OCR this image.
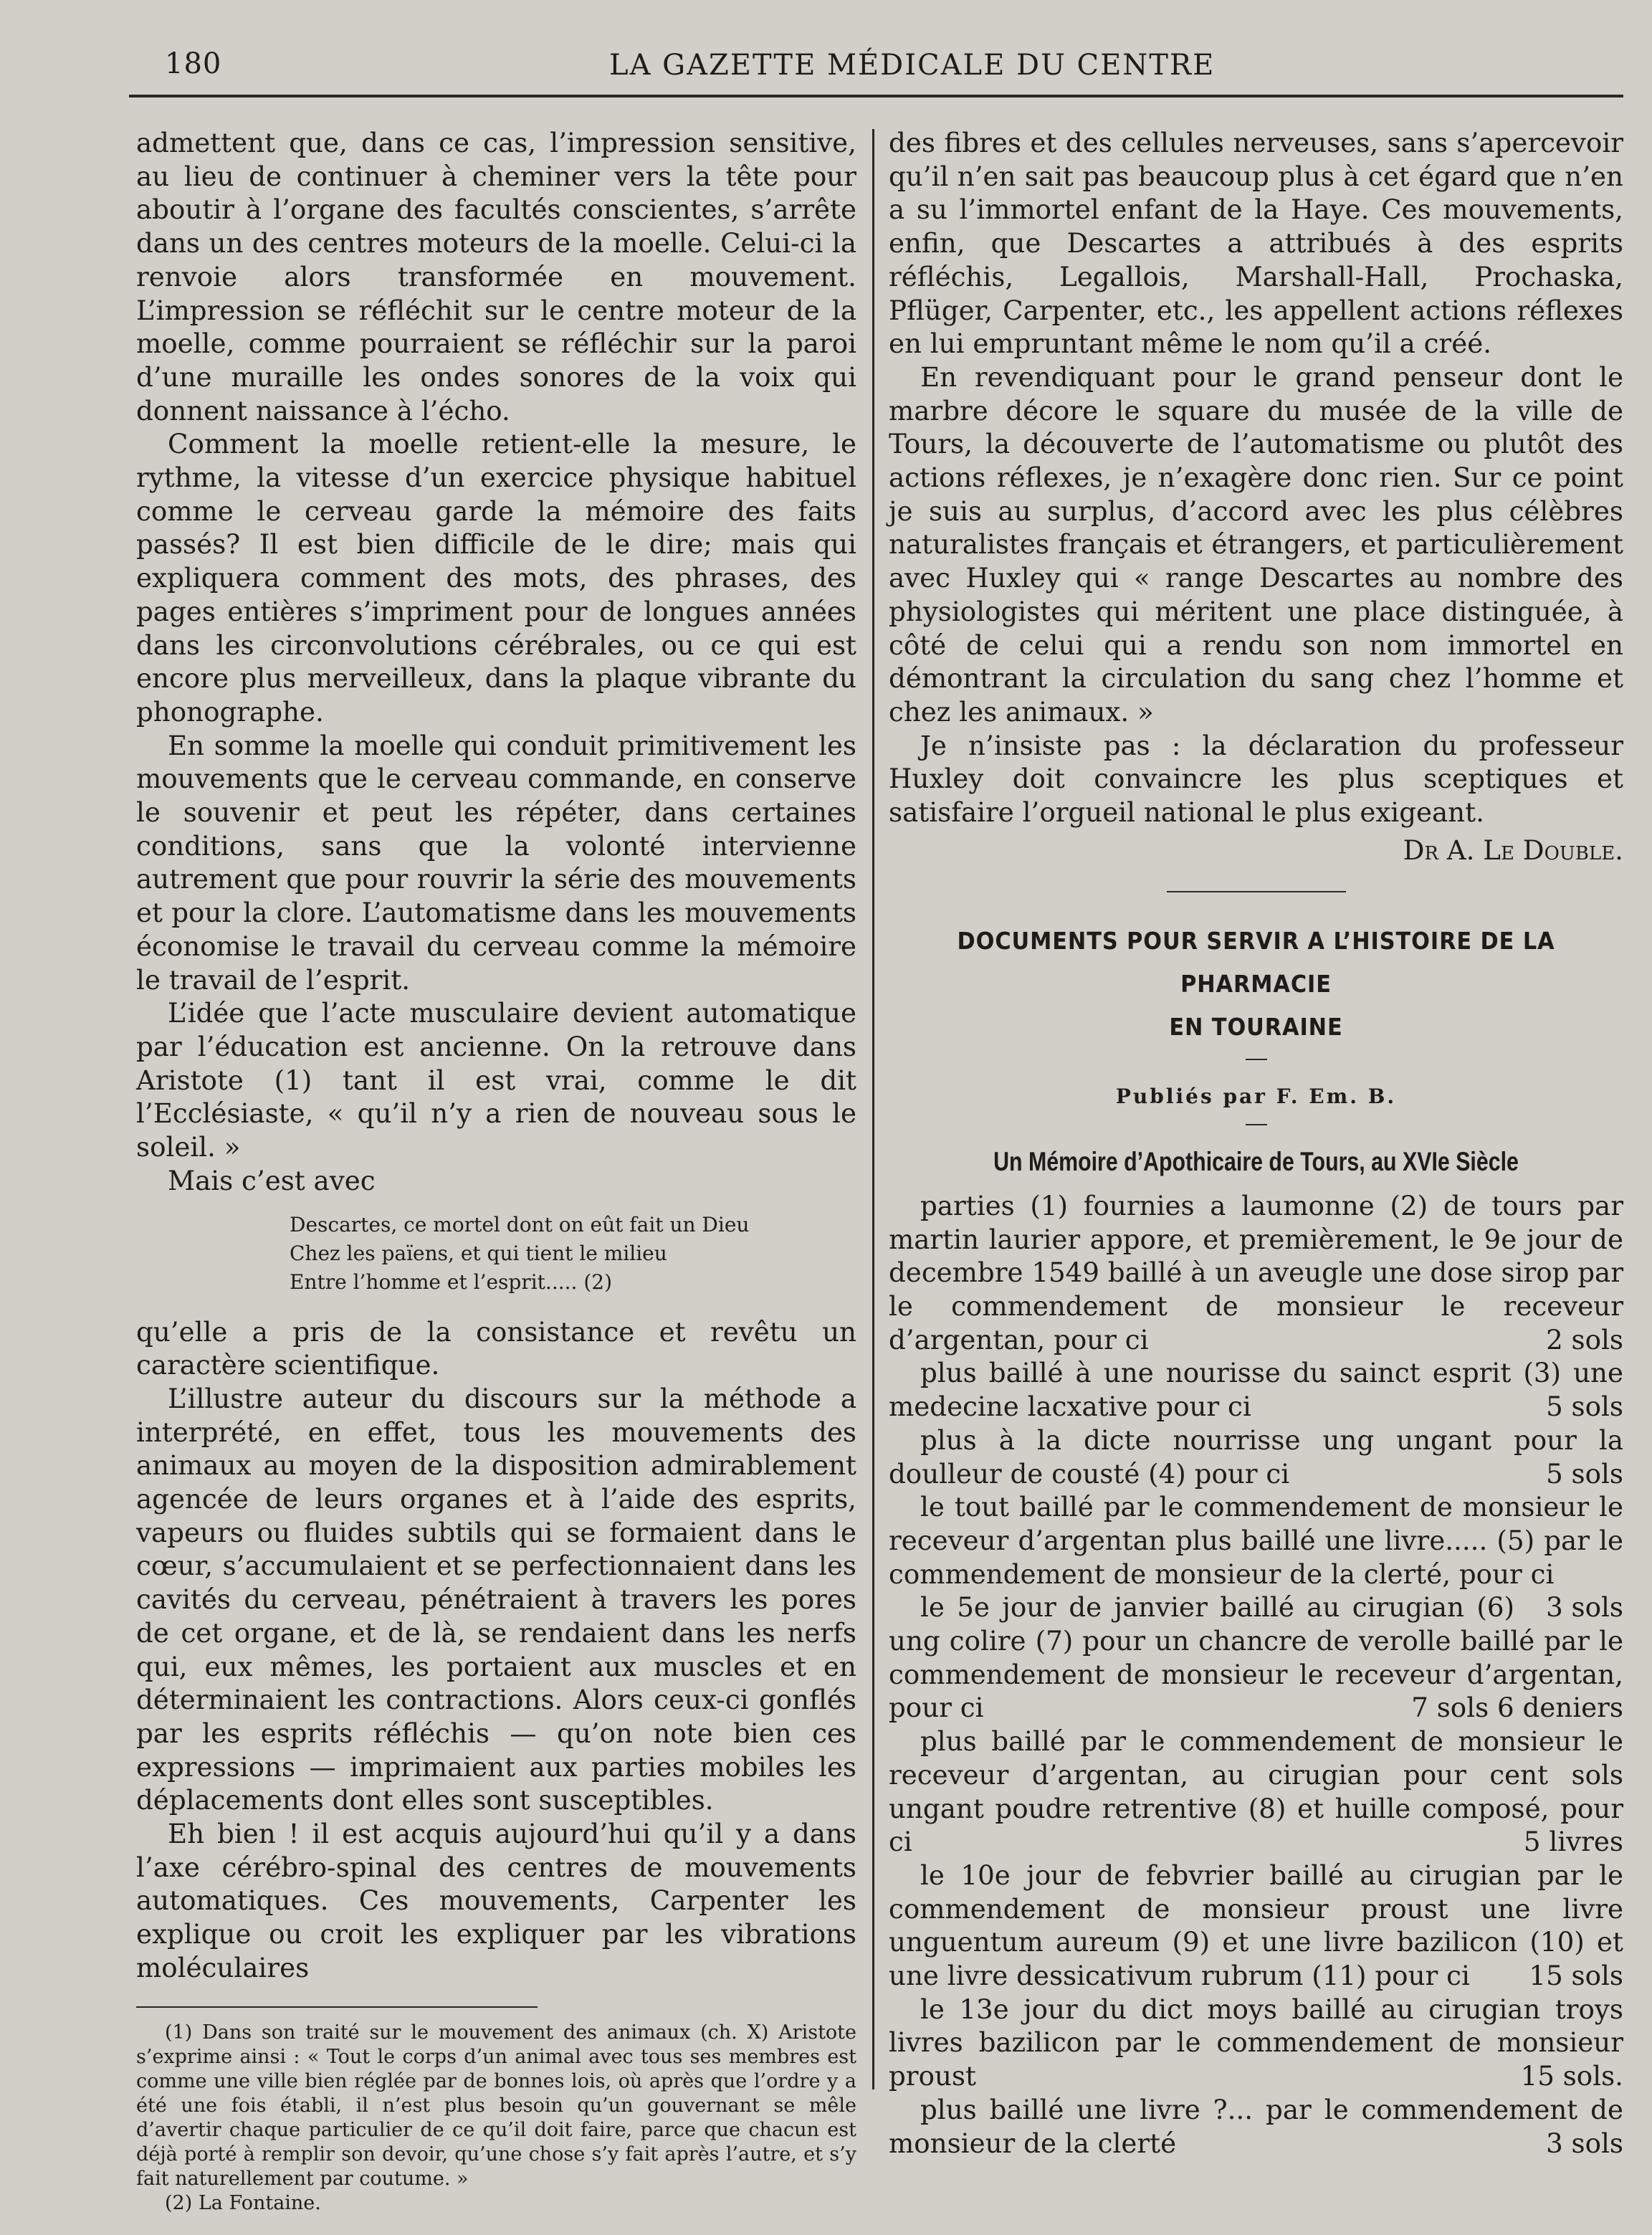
180	LA GAZETTE MÉDICALE DU CENTRE

admettent que, dans ce cas, l’impression sensitive, au lieu de continuer à cheminer vers la tête pour aboutir à l’organe des facultés conscientes, s’arrête dans un des centres moteurs de la moelle. Celui-ci la renvoie alors transformée en mouvement. L’impression se réfléchit sur le centre moteur de la moelle, comme pourraient se réfléchir sur la paroi d’une muraille les ondes sonores de la voix qui donnent naissance à l’écho.

Comment la moelle retient-elle la mesure, le rythme, la vitesse d’un exercice physique habituel comme le cerveau garde la mémoire des faits passés? Il est bien difficile de le dire; mais qui expliquera comment des mots, des phrases, des pages entières s’impriment pour de longues années dans les circonvolutions cérébrales, ou ce qui est encore plus merveilleux, dans la plaque vibrante du phonographe.

En somme la moelle qui conduit primitivement les mouvements que le cerveau commande, en conserve le souvenir et peut les répéter, dans certaines conditions, sans que la volonté intervienne autrement que pour rouvrir la série des mouvements et pour la clore. L’automatisme dans les mouvements économise le travail du cerveau comme la mémoire le travail de l’esprit.

L’idée que l’acte musculaire devient automatique par l’éducation est ancienne. On la retrouve dans Aristote (1) tant il est vrai, comme le dit l’Ecclésiaste, « qu’il n’y a rien de nouveau sous le soleil. »

Mais c’est avec

Descartes, ce mortel dont on eût fait un Dieu
Chez les païens, et qui tient le milieu
Entre l’homme et l’esprit..... (2)

qu’elle a pris de la consistance et revêtu un caractère scientifique.

L’illustre auteur du discours sur la méthode a interprété, en effet, tous les mouvements des animaux au moyen de la disposition admirablement agencée de leurs organes et à l’aide des esprits, vapeurs ou fluides subtils qui se formaient dans le cœur, s’accumulaient et se perfectionnaient dans les cavités du cerveau, pénétraient à travers les pores de cet organe, et de là, se rendaient dans les nerfs qui, eux mêmes, les portaient aux muscles et en déterminaient les contractions. Alors ceux-ci gonflés par les esprits réfléchis — qu’on note bien ces expressions — imprimaient aux parties mobiles les déplacements dont elles sont susceptibles.

Eh bien ! il est acquis aujourd’hui qu’il y a dans l’axe cérébro-spinal des centres de mouvements automatiques. Ces mouvements, Carpenter les explique ou croit les expliquer par les vibrations moléculaires

(1) Dans son traité sur le mouvement des animaux (ch. X) Aristote s’exprime ainsi : « Tout le corps d’un animal avec tous ses membres est comme une ville bien réglée par de bonnes lois, où après que l’ordre y a été une fois établi, il n’est plus besoin qu’un gouvernant se mêle d’avertir chaque particulier de ce qu’il doit faire, parce que chacun est déjà porté à remplir son devoir, qu’une chose s’y fait après l’autre, et s’y fait naturellement par coutume. »

(2) La Fontaine.

des fibres et des cellules nerveuses, sans s’apercevoir qu’il n’en sait pas beaucoup plus à cet égard que n’en a su l’immortel enfant de la Haye. Ces mouvements, enfin, que Descartes a attribués à des esprits réfléchis, Legallois, Marshall-Hall, Prochaska, Pflüger, Carpenter, etc., les appellent actions réflexes en lui empruntant même le nom qu’il a créé.

En revendiquant pour le grand penseur dont le marbre décore le square du musée de la ville de Tours, la découverte de l’automatisme ou plutôt des actions réflexes, je n’exagère donc rien. Sur ce point je suis au surplus, d’accord avec les plus célèbres naturalistes français et étrangers, et particulièrement avec Huxley qui « range Descartes au nombre des physiologistes qui méritent une place distinguée, à côté de celui qui a rendu son nom immortel en démontrant la circulation du sang chez l’homme et chez les animaux. »

Je n’insiste pas : la déclaration du professeur Huxley doit convaincre les plus sceptiques et satisfaire l’orgueil national le plus exigeant.

Dr A. Le Double.
DOCUMENTS POUR SERVIR A L’HISTOIRE DE LA PHARMACIE
EN TOURAINE
Publiés par F. Em. B.
Un Mémoire d’Apothicaire de Tours, au XVIe Siècle

parties (1) fournies a laumonne (2) de tours par martin laurier appore, et premièrement, le 9e jour de decembre 1549 baillé à un aveugle une dose sirop par le commendement de monsieur le receveur d’argentan, pour ci	2 sols

plus baillé à une nourisse du sainct esprit (3) une medecine lacxative pour ci	5 sols

plus à la dicte nourrisse ung ungant pour la doulleur de cousté (4) pour ci	5 sols

le tout baillé par le commendement de monsieur le receveur d’argentan plus baillé une livre..... (5) par le commendement de monsieur de la clerté, pour ci
3 sols

le 5e jour de janvier baillé au cirugian (6) ung colire (7) pour un chancre de verolle baillé par le commendement de monsieur le receveur d’argentan, pour ci	7 sols 6 deniers

plus baillé par le commendement de monsieur le receveur d’argentan, au cirugian pour cent sols ungant poudre retrentive (8) et huille composé, pour ci	5 livres

le 10e jour de febvrier baillé au cirugian par le commendement de monsieur proust une livre unguentum aureum (9) et une livre bazilicon (10) et une livre dessicativum rubrum (11) pour ci	15 sols

le 13e jour du dict moys baillé au cirugian troys livres bazilicon par le commendement de monsieur proust	15 sols.

plus baillé une livre ?... par le commendement de monsieur de la clerté	3 sols
